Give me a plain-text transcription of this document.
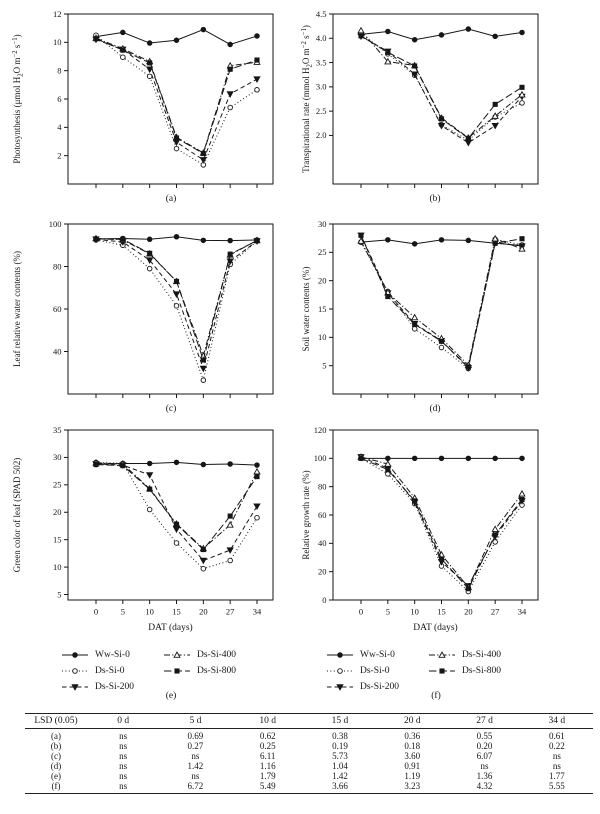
2
4
6
8
10
12
Photosynthesis (μmol $H_2O$ $m^{-2}$ $s^{-1}$)
(a)
2.0
2.5
3.0
3.5
4.0
4.5
Transpirational rate (mmol $H_2O$ $m^{-2}$ $s^{-1}$)
(b)
40
60
80
100
Leaf relative water contents (%)
(c)
5
10
15
20
25
30
Soil water contents (%)
(d)
5
10
15
20
25
30
35
0	5 10 15 20 27 34
DAT (days)
Green color of leaf (SPAD 502)
0
20
40
60
80
100
120
0	5 10 15 20 27 34
DAT (days)
Relative growth rate (%)
Ww-Si-0
Ds-Si-0
Ds-Si-200
Ds-Si-400
Ds-Si-800
Ww-Si-0
Ds-Si-0
Ds-Si-200
Ds-Si-400
Ds-Si-800
(e)	(f)
LSD (0.05)	0 d	5 d	10 d	15 d	20 d	27 d	34 d
(a)	ns	0.69	0.62	0.38	0.36	0.55	0.61
(b)	ns	0.27	0.25	0.19	0.18	0.20	0.22
(c)	ns	ns	6.11	5.73	3.60	6.07	ns
(d)	ns	1.42	1.16	1.04	0.91	ns	ns
(e)	ns	ns	1.79	1.42	1.19	1.36	1.77
(f)	ns	6.72	5.49	3.66	3.23	4.32	5.55
